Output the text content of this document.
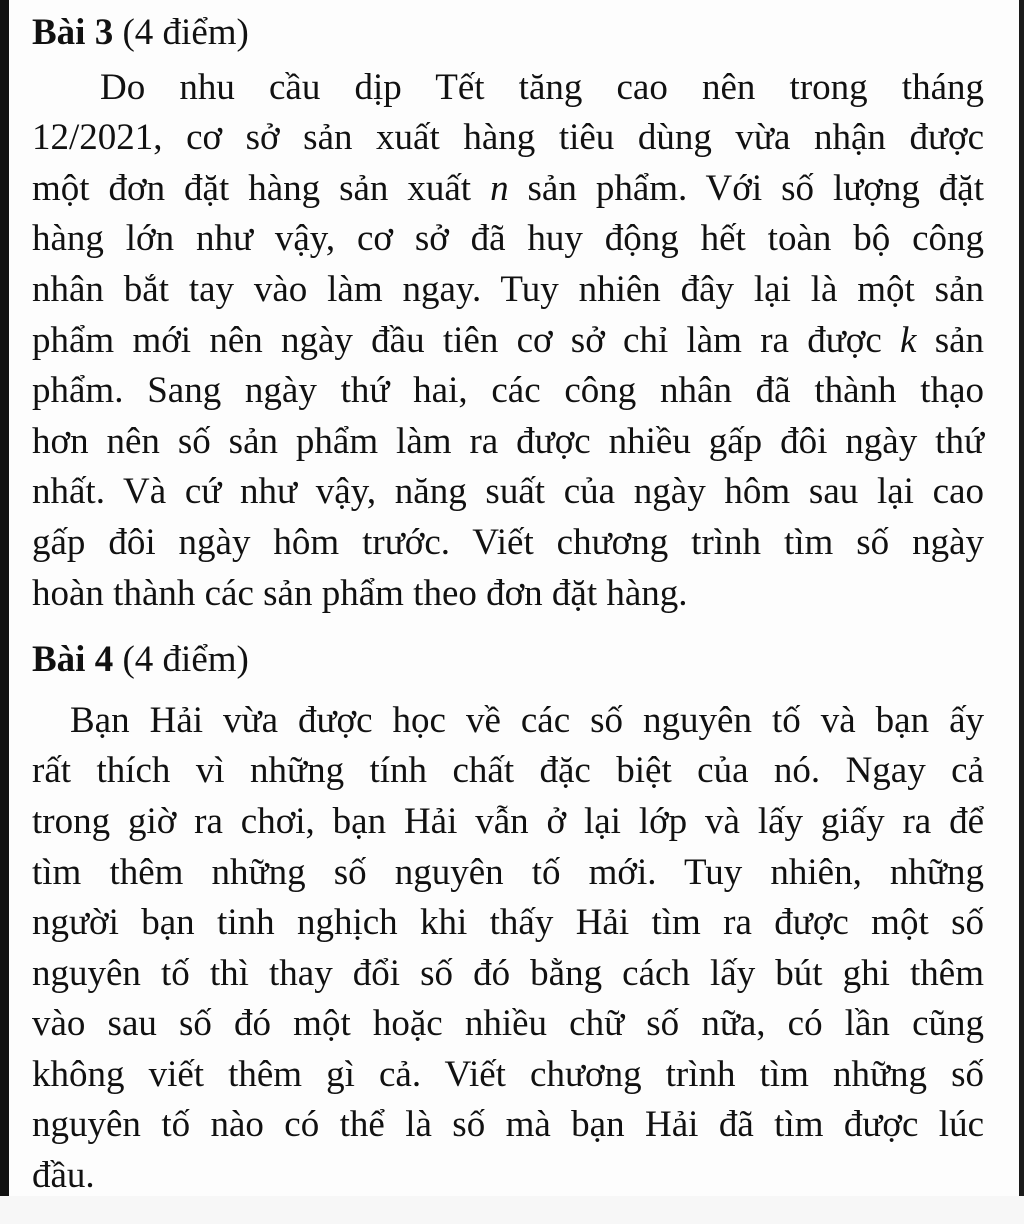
Bài 3 (4 điểm)
Do nhu cầu dịp Tết tăng cao nên trong tháng
12/2021, cơ sở sản xuất hàng tiêu dùng vừa nhận được
một đơn đặt hàng sản xuất n sản phẩm. Với số lượng đặt
hàng lớn như vậy, cơ sở đã huy động hết toàn bộ công
nhân bắt tay vào làm ngay. Tuy nhiên đây lại là một sản
phẩm mới nên ngày đầu tiên cơ sở chỉ làm ra được k sản
phẩm. Sang ngày thứ hai, các công nhân đã thành thạo
hơn nên số sản phẩm làm ra được nhiều gấp đôi ngày thứ
nhất. Và cứ như vậy, năng suất của ngày hôm sau lại cao
gấp đôi ngày hôm trước. Viết chương trình tìm số ngày
hoàn thành các sản phẩm theo đơn đặt hàng.
Bài 4 (4 điểm)
Bạn Hải vừa được học về các số nguyên tố và bạn ấy
rất thích vì những tính chất đặc biệt của nó. Ngay cả
trong giờ ra chơi, bạn Hải vẫn ở lại lớp và lấy giấy ra để
tìm thêm những số nguyên tố mới. Tuy nhiên, những
người bạn tinh nghịch khi thấy Hải tìm ra được một số
nguyên tố thì thay đổi số đó bằng cách lấy bút ghi thêm
vào sau số đó một hoặc nhiều chữ số nữa, có lần cũng
không viết thêm gì cả. Viết chương trình tìm những số
nguyên tố nào có thể là số mà bạn Hải đã tìm được lúc
đầu.
